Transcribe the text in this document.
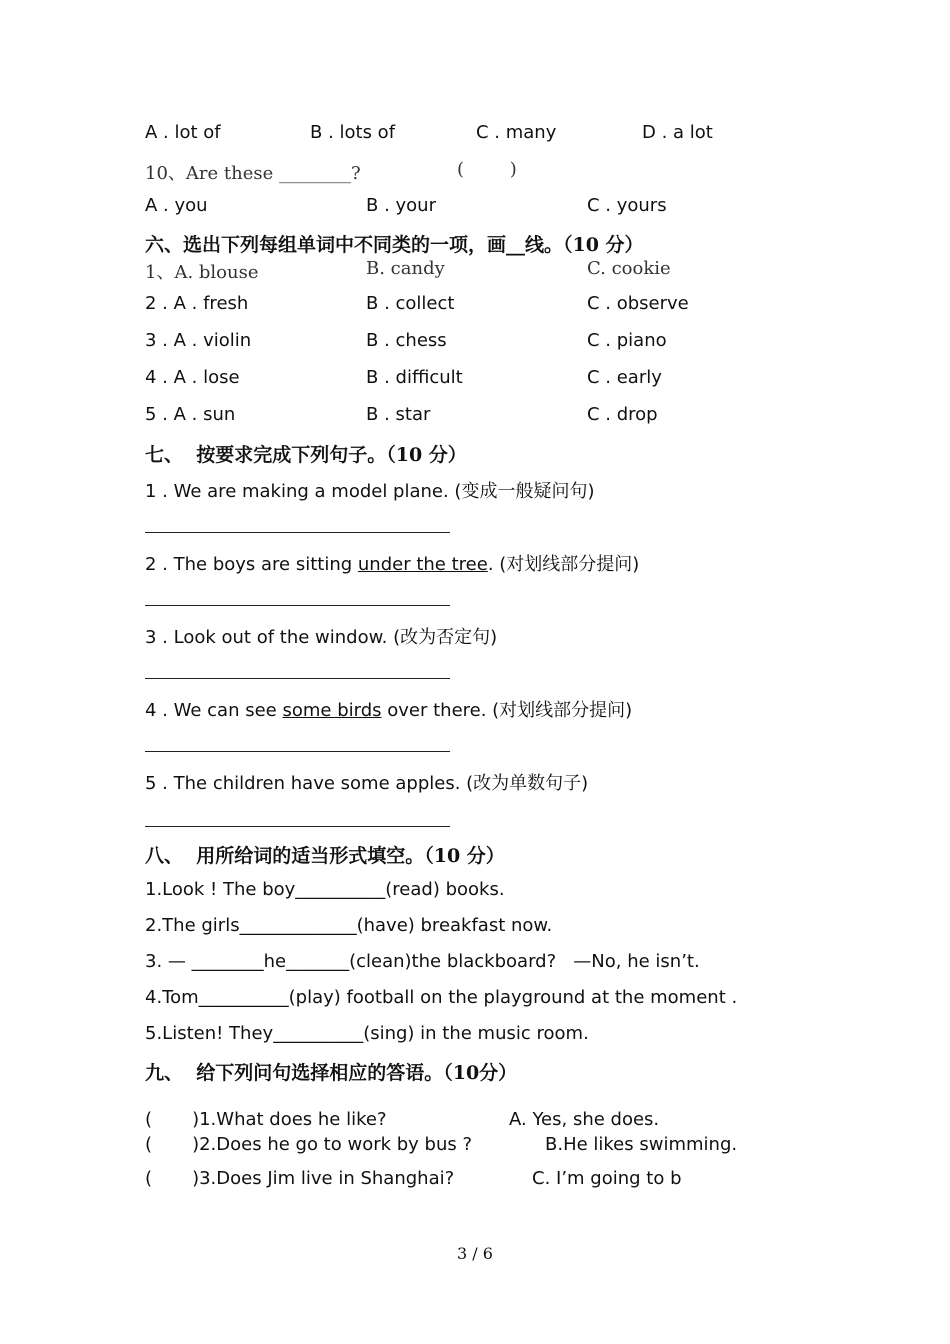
A . lot of	B . lots of	C . many	D . a lot
10、Are these ________?	(        )
A . you	B . your	C . yours
六、选出下列每组单词中不同类的一项，画__线。（10 分）
1、A. blouse	B. candy	C. cookie
2 . A . fresh	B . collect	C . observe
3 . A . violin	B . chess	C . piano
4 . A . lose	B . difficult	C . early
5 . A . sun	B . star	C . drop
七、  按要求完成下列句子。（10 分）
1 . We are making a model plane. (变成一般疑问句)
2 . The boys are sitting under the tree. (对划线部分提问)
3 . Look out of the window. (改为否定句)
4 . We can see some birds over there. (对划线部分提问)
5 . The children have some apples. (改为单数句子)
八、  用所给词的适当形式填空。（10 分）
1.Look ! The boy__________(read) books.
2.The girls_____________(have) breakfast now.
3. — ________he_______(clean)the blackboard?   —No, he isn’t.
4.Tom__________(play) football on the playground at the moment .
5.Listen! They__________(sing) in the music room.
九、  给下列问句选择相应的答语。（10分）
(       )1.What does he like?	A. Yes, she does.
(       )2.Does he go to work by bus ?	B.He likes swimming.
(       )3.Does Jim live in Shanghai?	C. I’m going to b
3 / 6
